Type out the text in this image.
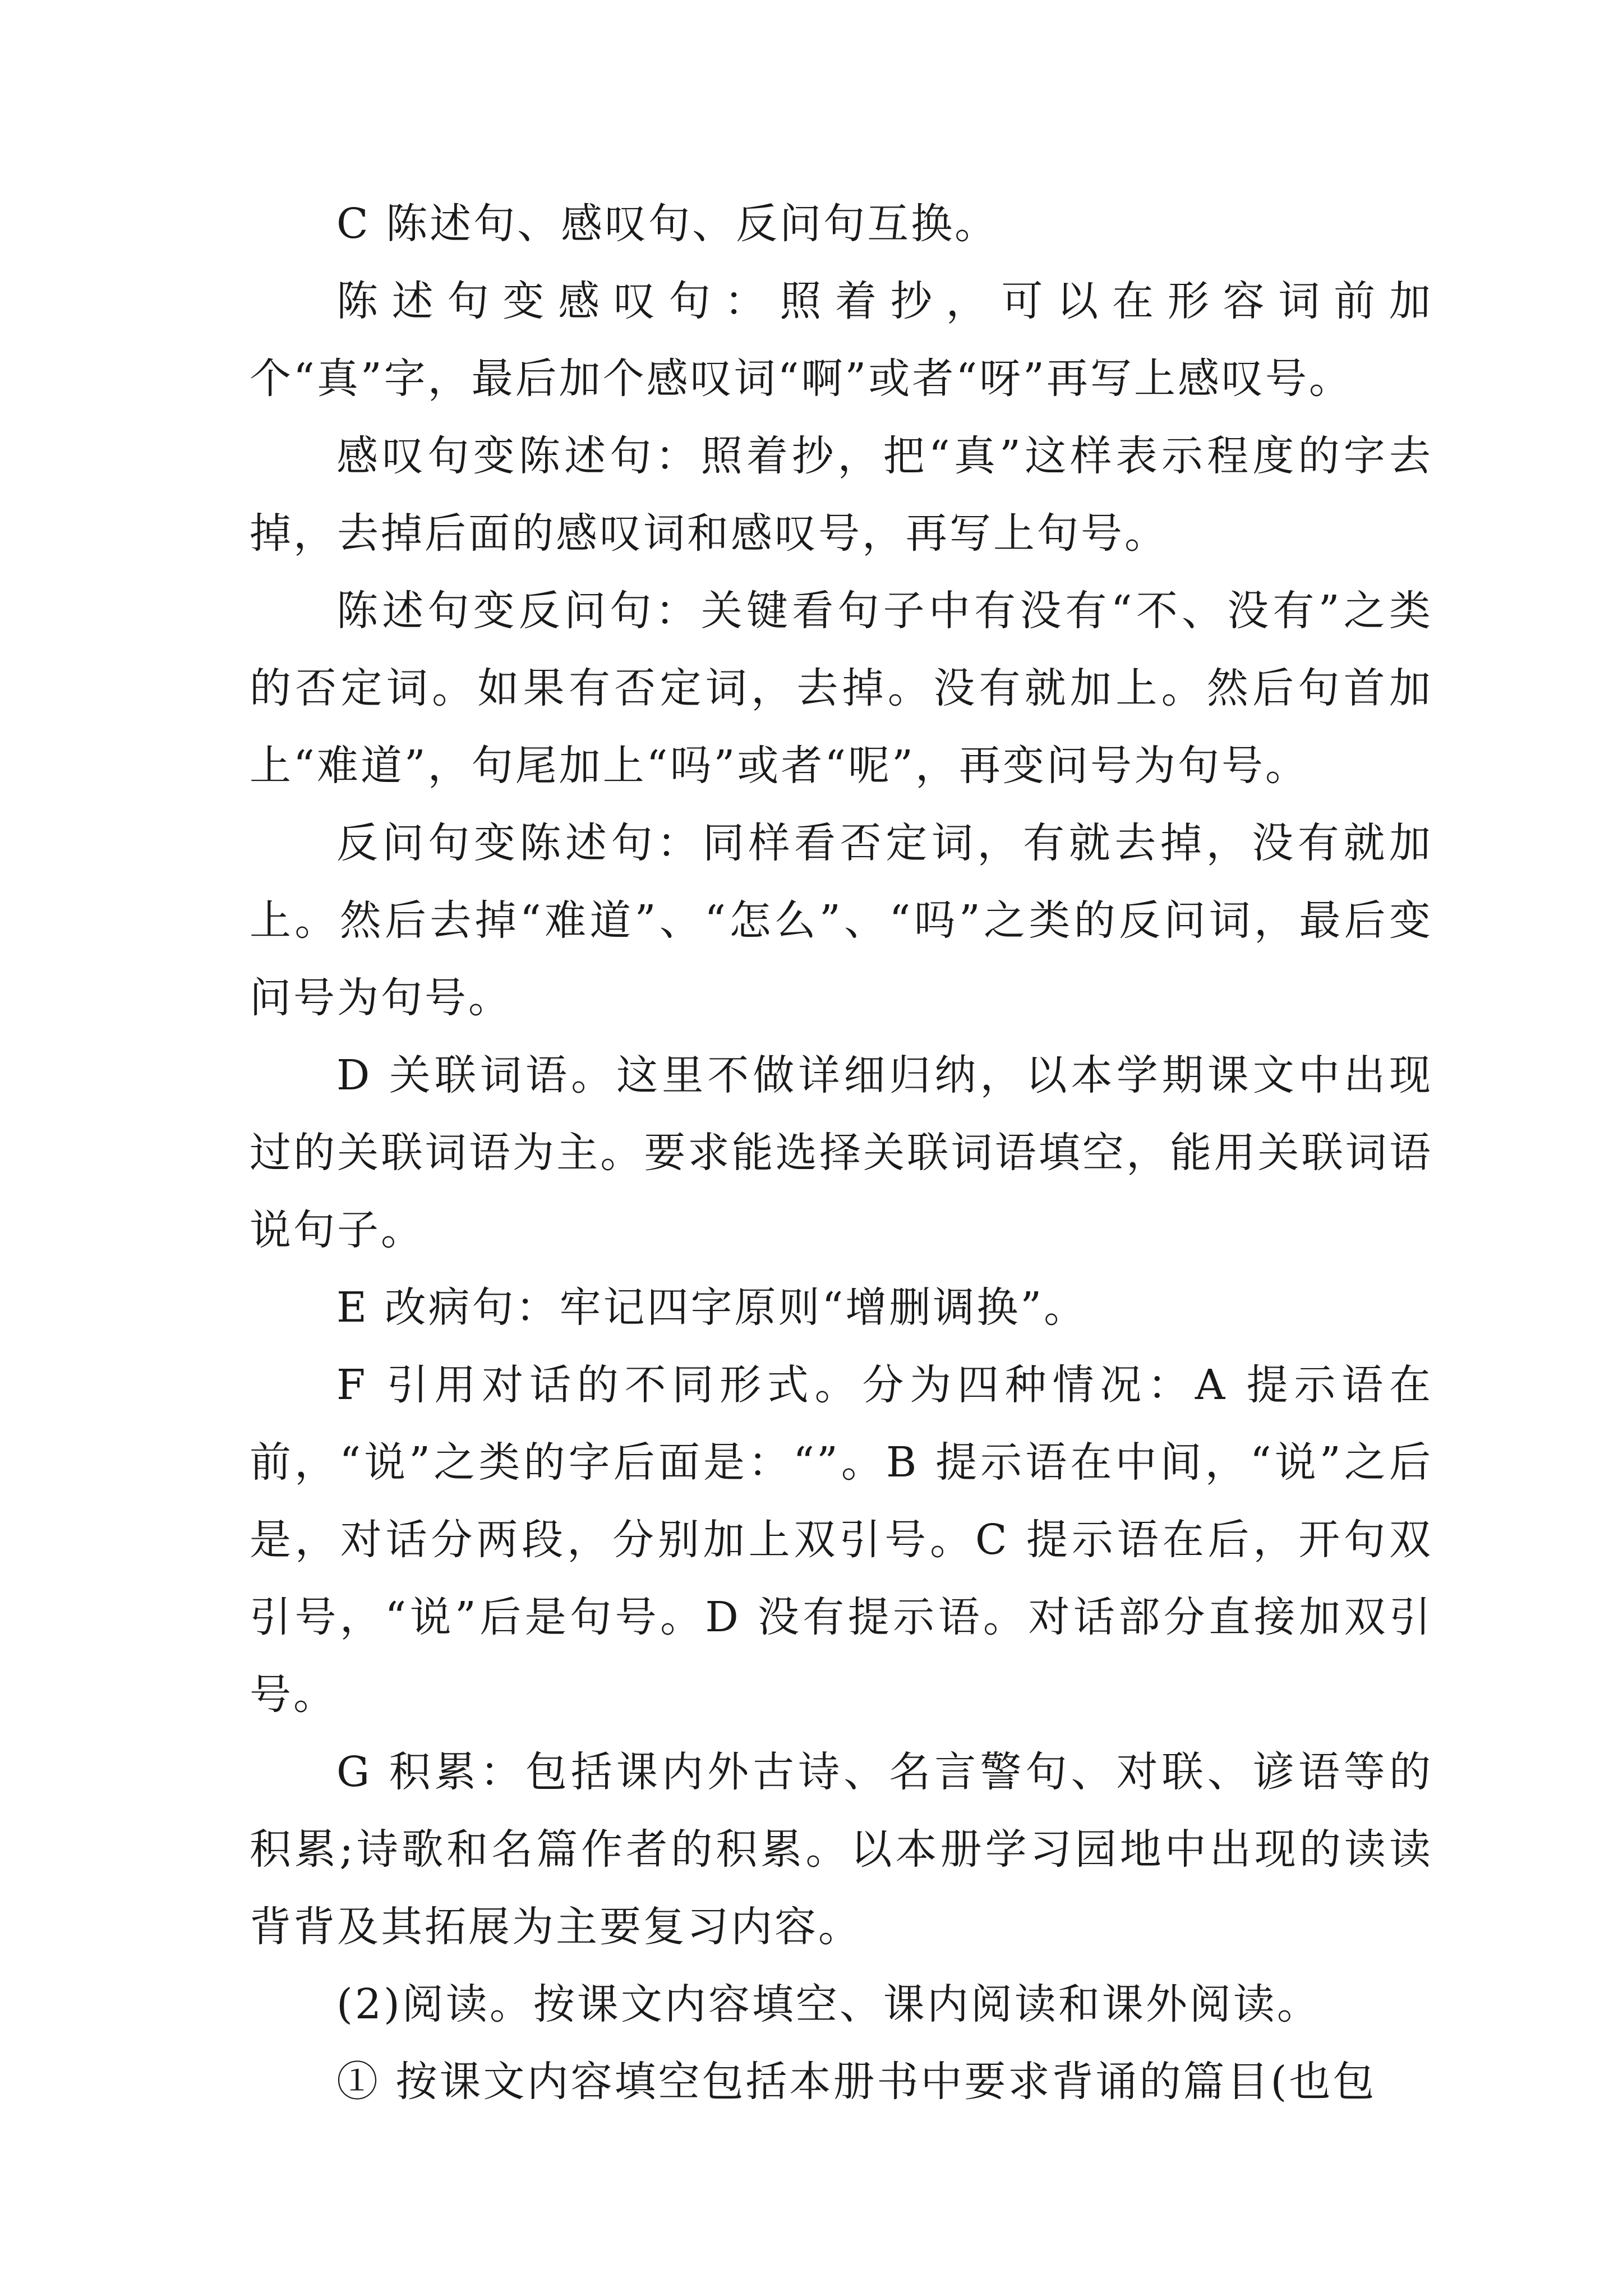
C 陈述句、感叹句、反问句互换。

陈述句变感叹句：照着抄，可以在形容词前加个“真”字，最后加个感叹词“啊”或者“呀”再写上感叹号。

感叹句变陈述句：照着抄，把“真”这样表示程度的字去掉，去掉后面的感叹词和感叹号，再写上句号。

陈述句变反问句：关键看句子中有没有“不、没有”之类的否定词。如果有否定词，去掉。没有就加上。然后句首加上“难道”，句尾加上“吗”或者“呢”，再变问号为句号。

反问句变陈述句：同样看否定词，有就去掉，没有就加上。然后去掉“难道”、“怎么”、“吗”之类的反问词，最后变问号为句号。

D 关联词语。这里不做详细归纳，以本学期课文中出现过的关联词语为主。要求能选择关联词语填空，能用关联词语说句子。

E 改病句：牢记四字原则“增删调换”。

F 引用对话的不同形式。分为四种情况：A 提示语在前，“说”之类的字后面是：“”。B 提示语在中间，“说”之后是，对话分两段，分别加上双引号。C 提示语在后，开句双引号，“说”后是句号。D 没有提示语。对话部分直接加双引号。

G 积累：包括课内外古诗、名言警句、对联、谚语等的积累;诗歌和名篇作者的积累。以本册学习园地中出现的读读背背及其拓展为主要复习内容。

(2)阅读。按课文内容填空、课内阅读和课外阅读。

① 按课文内容填空包括本册书中要求背诵的篇目(也包
